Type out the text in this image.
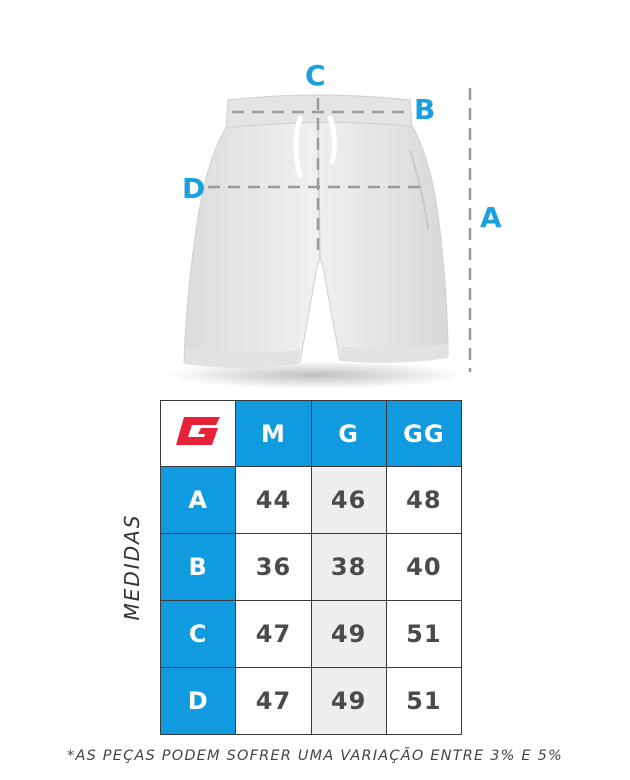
C
B
D
A
	M	G	GG
A	44	46	48
B	36	38	40
C	47	49	51
D	47	49	51
MEDIDAS
*AS PEÇAS PODEM SOFRER UMA VARIAÇÃO ENTRE 3% E 5%
